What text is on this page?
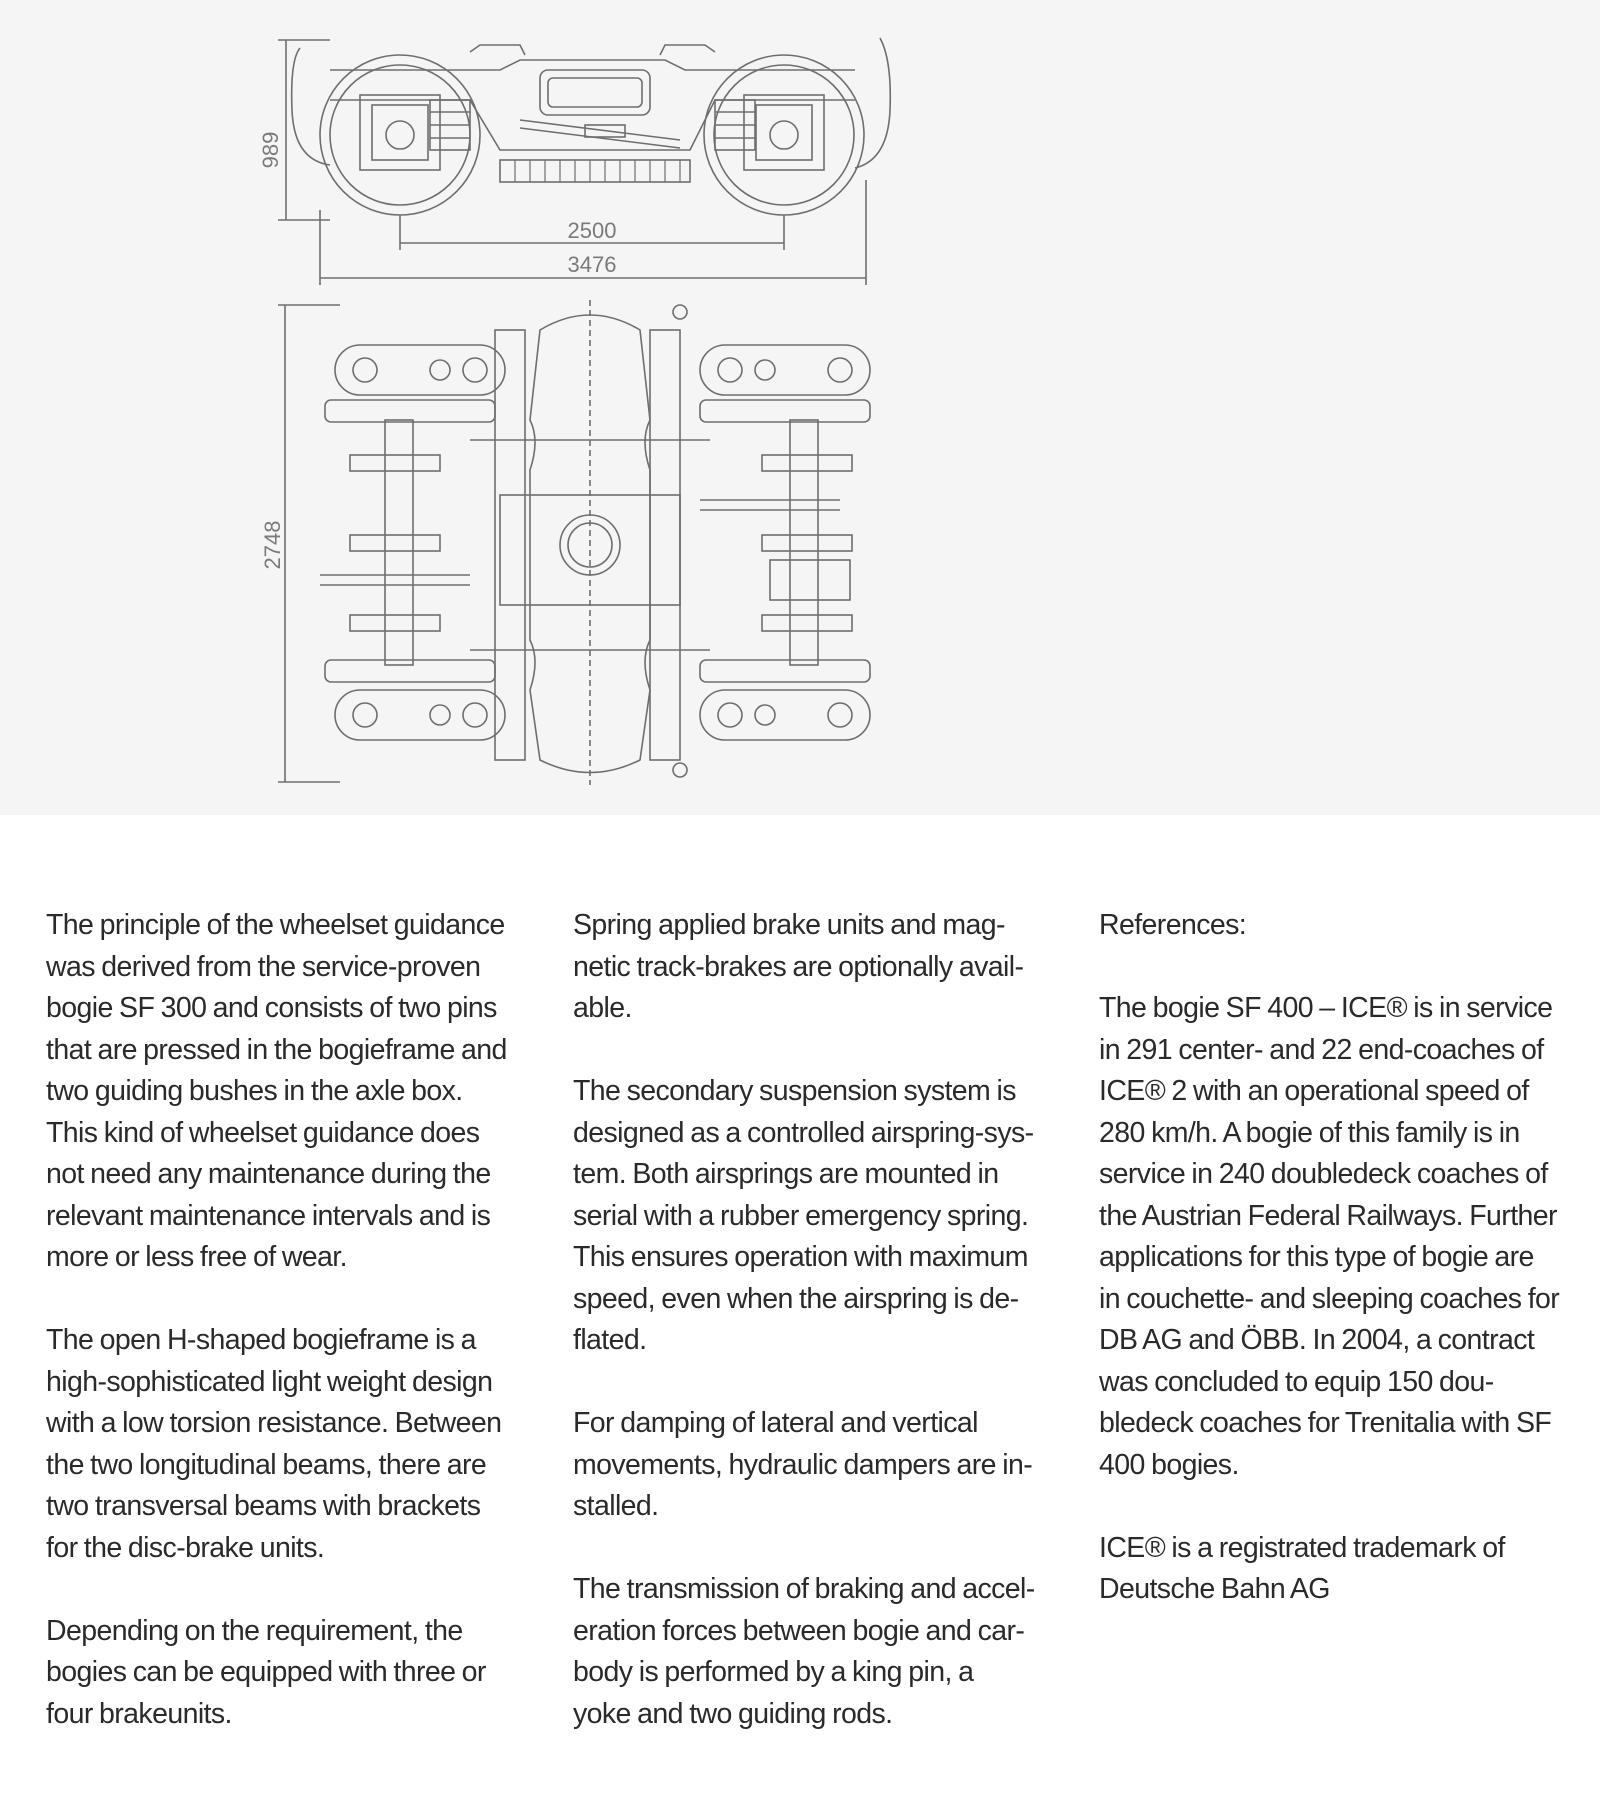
989
2500
3476
2748

The principle of the wheelset guidance
was derived from the service-proven
bogie SF 300 and consists of two pins
that are pressed in the bogieframe and
two guiding bushes in the axle box.
This kind of wheelset guidance does
not need any maintenance during the
relevant maintenance intervals and is
more or less free of wear.

The open H-shaped bogieframe is a
high-sophisticated light weight design
with a low torsion resistance. Between
the two longitudinal beams, there are
two transversal beams with brackets
for the disc-brake units.

Depending on the requirement, the
bogies can be equipped with three or
four brakeunits.

Spring applied brake units and mag-
netic track-brakes are optionally avail-
able.

The secondary suspension system is
designed as a controlled airspring-sys-
tem. Both airsprings are mounted in
serial with a rubber emergency spring.
This ensures operation with maximum
speed, even when the airspring is de-
flated.

For damping of lateral and vertical
movements, hydraulic dampers are in-
stalled.

The transmission of braking and accel-
eration forces between bogie and car-
body is performed by a king pin, a
yoke and two guiding rods.

References:

The bogie SF 400 – ICE® is in service
in 291 center- and 22 end-coaches of
ICE® 2 with an operational speed of
280 km/h. A bogie of this family is in
service in 240 doubledeck coaches of
the Austrian Federal Railways. Further
applications for this type of bogie are
in couchette- and sleeping coaches for
DB AG and ÖBB. In 2004, a contract
was concluded to equip 150 dou-
bledeck coaches for Trenitalia with SF
400 bogies.

ICE® is a registrated trademark of
Deutsche Bahn AG
